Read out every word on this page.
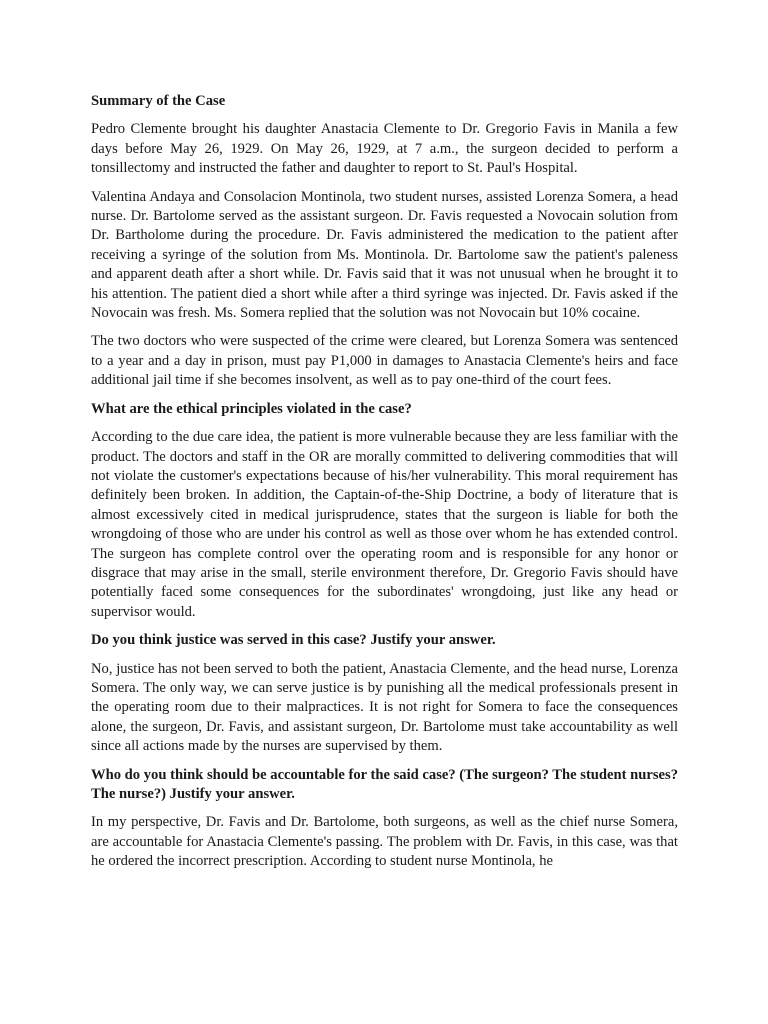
Summary of the Case

Pedro Clemente brought his daughter Anastacia Clemente to Dr. Gregorio Favis in Manila a few days before May 26, 1929. On May 26, 1929, at 7 a.m., the surgeon decided to perform a tonsillectomy and instructed the father and daughter to report to St. Paul's Hospital.

Valentina Andaya and Consolacion Montinola, two student nurses, assisted Lorenza Somera, a head nurse. Dr. Bartolome served as the assistant surgeon. Dr. Favis requested a Novocain solution from Dr. Bartholome during the procedure. Dr. Favis administered the medication to the patient after receiving a syringe of the solution from Ms. Montinola. Dr. Bartolome saw the patient's paleness and apparent death after a short while. Dr. Favis said that it was not unusual when he brought it to his attention. The patient died a short while after a third syringe was injected. Dr. Favis asked if the Novocain was fresh. Ms. Somera replied that the solution was not Novocain but 10% cocaine.

The two doctors who were suspected of the crime were cleared, but Lorenza Somera was sentenced to a year and a day in prison, must pay P1,000 in damages to Anastacia Clemente's heirs and face additional jail time if she becomes insolvent, as well as to pay one-third of the court fees.

What are the ethical principles violated in the case?

According to the due care idea, the patient is more vulnerable because they are less familiar with the product. The doctors and staff in the OR are morally committed to delivering commodities that will not violate the customer's expectations because of his/her vulnerability. This moral requirement has definitely been broken. In addition, the Captain-of-the-Ship Doctrine, a body of literature that is almost excessively cited in medical jurisprudence, states that the surgeon is liable for both the wrongdoing of those who are under his control as well as those over whom he has extended control. The surgeon has complete control over the operating room and is responsible for any honor or disgrace that may arise in the small, sterile environment therefore, Dr. Gregorio Favis should have potentially faced some consequences for the subordinates' wrongdoing, just like any head or supervisor would.

Do you think justice was served in this case? Justify your answer.

No, justice has not been served to both the patient, Anastacia Clemente, and the head nurse, Lorenza Somera. The only way, we can serve justice is by punishing all the medical professionals present in the operating room due to their malpractices. It is not right for Somera to face the consequences alone, the surgeon, Dr. Favis, and assistant surgeon, Dr. Bartolome must take accountability as well since all actions made by the nurses are supervised by them.

Who do you think should be accountable for the said case? (The surgeon? The student nurses? The nurse?) Justify your answer.

In my perspective, Dr. Favis and Dr. Bartolome, both surgeons, as well as the chief nurse Somera, are accountable for Anastacia Clemente's passing. The problem with Dr. Favis, in this case, was that he ordered the incorrect prescription. According to student nurse Montinola, he
